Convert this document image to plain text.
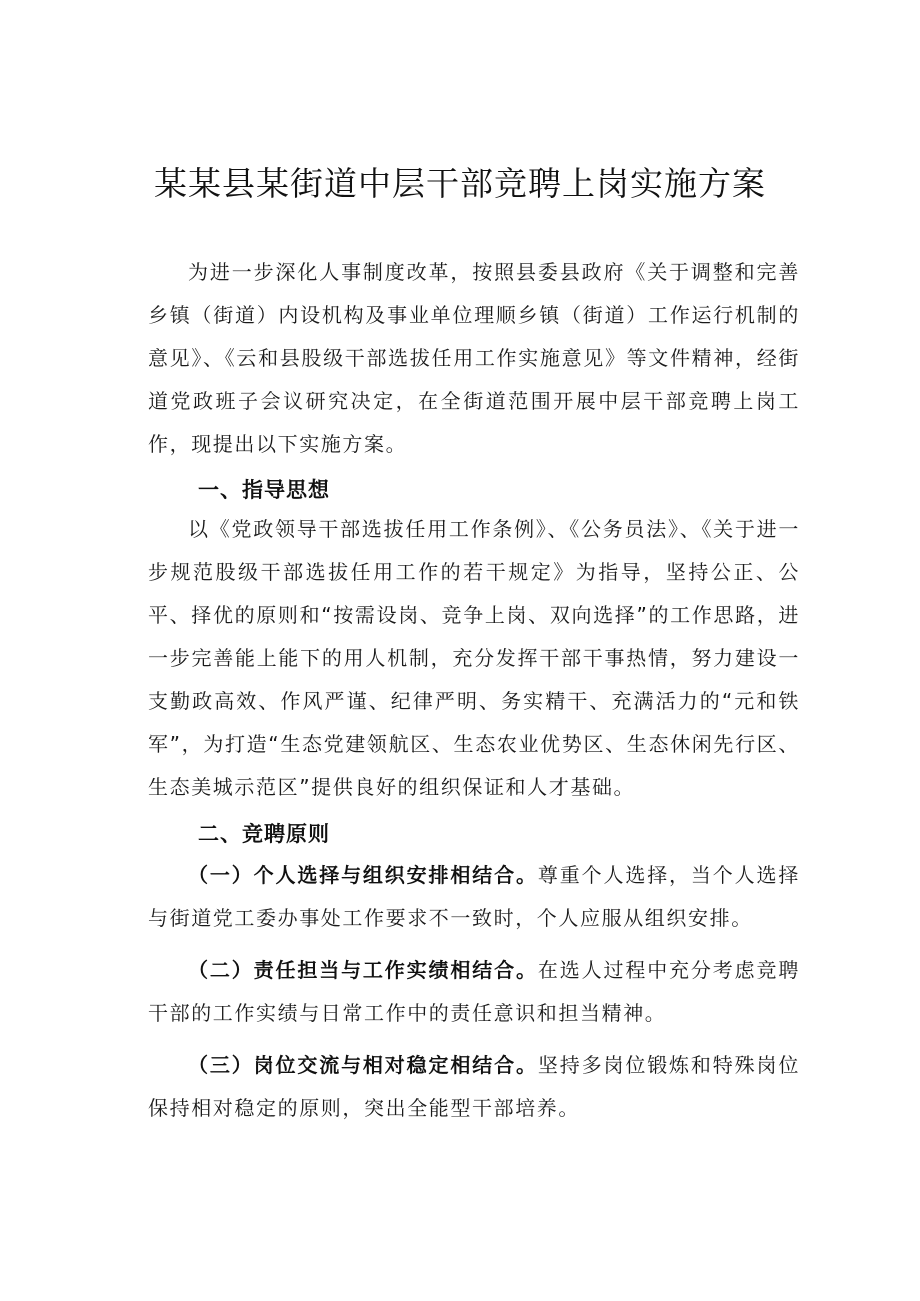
某某县某街道中层干部竞聘上岗实施方案

为进一步深化人事制度改革，按照县委县政府《关于调整和完善乡镇（街道）内设机构及事业单位理顺乡镇（街道）工作运行机制的意见》、《云和县股级干部选拔任用工作实施意见》等文件精神，经街道党政班子会议研究决定，在全街道范围开展中层干部竞聘上岗工作，现提出以下实施方案。

一、指导思想

以《党政领导干部选拔任用工作条例》、《公务员法》、《关于进一步规范股级干部选拔任用工作的若干规定》为指导，坚持公正、公平、择优的原则和“按需设岗、竞争上岗、双向选择”的工作思路，进一步完善能上能下的用人机制，充分发挥干部干事热情，努力建设一支勤政高效、作风严谨、纪律严明、务实精干、充满活力的“元和铁军”，为打造“生态党建领航区、生态农业优势区、生态休闲先行区、生态美城示范区”提供良好的组织保证和人才基础。

二、竞聘原则

（一）个人选择与组织安排相结合。尊重个人选择，当个人选择与街道党工委办事处工作要求不一致时，个人应服从组织安排。

（二）责任担当与工作实绩相结合。在选人过程中充分考虑竞聘干部的工作实绩与日常工作中的责任意识和担当精神。

（三）岗位交流与相对稳定相结合。坚持多岗位锻炼和特殊岗位保持相对稳定的原则，突出全能型干部培养。
